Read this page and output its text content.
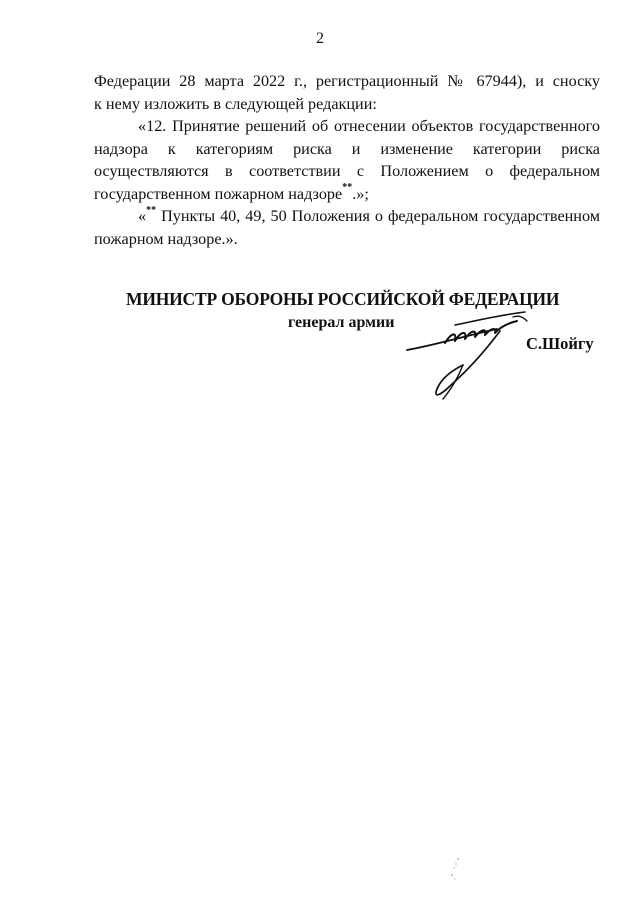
2

Федерации 28 марта 2022 г., регистрационный № 67944), и сноску
к нему изложить в следующей редакции:

«12. Принятие решений об отнесении объектов государственного
надзора к категориям риска и изменение категории риска
осуществляются в соответствии с Положением о федеральном
государственном пожарном надзоре**.»;

«** Пункты 40, 49, 50 Положения о федеральном государственном
пожарном надзоре.».

МИНИСТР ОБОРОНЫ РОССИЙСКОЙ ФЕДЕРАЦИИ
генерал армии
С.Шойгу
